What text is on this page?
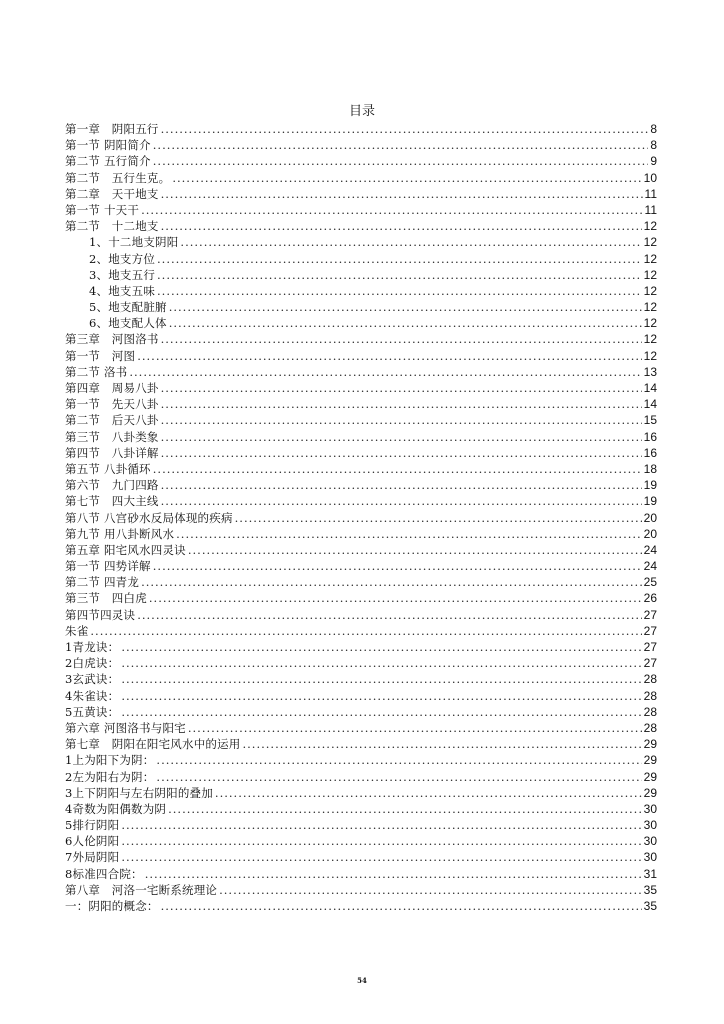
目录
第一章　阴阳五行 .....	8
第一节 阴阳简介 .....	8
第二节 五行简介 .....	9
第二节　五行生克。 .....	10
第二章　天干地支 .....	11
第一节 十天干 .....	11
第二节　十二地支 .....	12
1、十二地支阴阳 .....	12
2、地支方位 .....	12
3、地支五行 .....	12
4、地支五味 .....	12
5、地支配脏腑 .....	12
6、地支配人体 .....	12
第三章　河图洛书 .....	12
第一节　河图 .....	12
第二节 洛书 .....	13
第四章　周易八卦 .....	14
第一节　先天八卦 .....	14
第二节　后天八卦 .....	15
第三节　八卦类象 .....	16
第四节　八卦详解 .....	16
第五节 八卦循环 .....	18
第六节　九门四路 .....	19
第七节　四大主线 .....	19
第八节 八宫砂水反局体现的疾病 .....	20
第九节 用八卦断风水 .....	20
第五章 阳宅风水四灵诀 .....	24
第一节 四势详解 .....	24
第二节 四青龙 .....	25
第三节　四白虎 .....	26
第四节四灵诀 .....	27
朱雀 .....	27
1青龙诀： .....	27
2白虎诀： .....	27
3玄武诀： .....	28
4朱雀诀： .....	28
5五黄诀： .....	28
第六章 河图洛书与阳宅 .....	28
第七章　阴阳在阳宅风水中的运用 .....	29
1上为阳下为阴： .....	29
2左为阳右为阴： .....	29
3上下阴阳与左右阴阳的叠加 .....	29
4奇数为阳偶数为阴 .....	30
5排行阴阳 .....	30
6人伦阴阳 .....	30
7外局阴阳 .....	30
8标准四合院： .....	31
第八章　河洛一宅断系统理论 .....	35
一：阴阳的概念： .....	35
54
